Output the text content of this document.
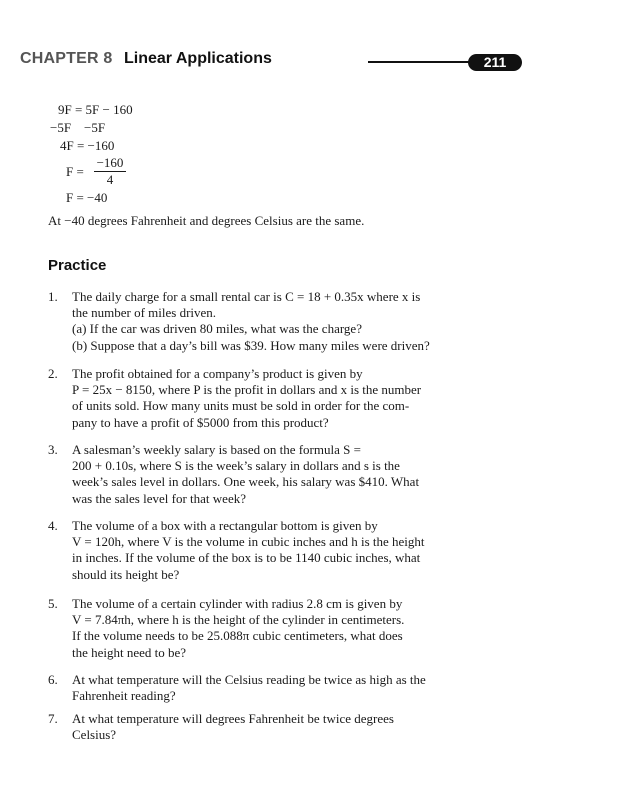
CHAPTER 8 Linear Applications	211
9F = 5F − 160
−5F    −5F
4F = −160
F =
−160
4
F = −40
At −40 degrees Fahrenheit and degrees Celsius are the same.
Practice
1.	The daily charge for a small rental car is C = 18 + 0.35x where x is
the number of miles driven.
(a) If the car was driven 80 miles, what was the charge?
(b) Suppose that a day’s bill was $39. How many miles were driven?
2.	The profit obtained for a company’s product is given by
P = 25x − 8150, where P is the profit in dollars and x is the number
of units sold. How many units must be sold in order for the com-
pany to have a profit of $5000 from this product?
3.	A salesman’s weekly salary is based on the formula S =
200 + 0.10s, where S is the week’s salary in dollars and s is the
week’s sales level in dollars. One week, his salary was $410. What
was the sales level for that week?
4.	The volume of a box with a rectangular bottom is given by
V = 120h, where V is the volume in cubic inches and h is the height
in inches. If the volume of the box is to be 1140 cubic inches, what
should its height be?
5.	The volume of a certain cylinder with radius 2.8 cm is given by
V = 7.84πh, where h is the height of the cylinder in centimeters.
If the volume needs to be 25.088π cubic centimeters, what does
the height need to be?
6.	At what temperature will the Celsius reading be twice as high as the
Fahrenheit reading?
7.	At what temperature will degrees Fahrenheit be twice degrees
Celsius?
